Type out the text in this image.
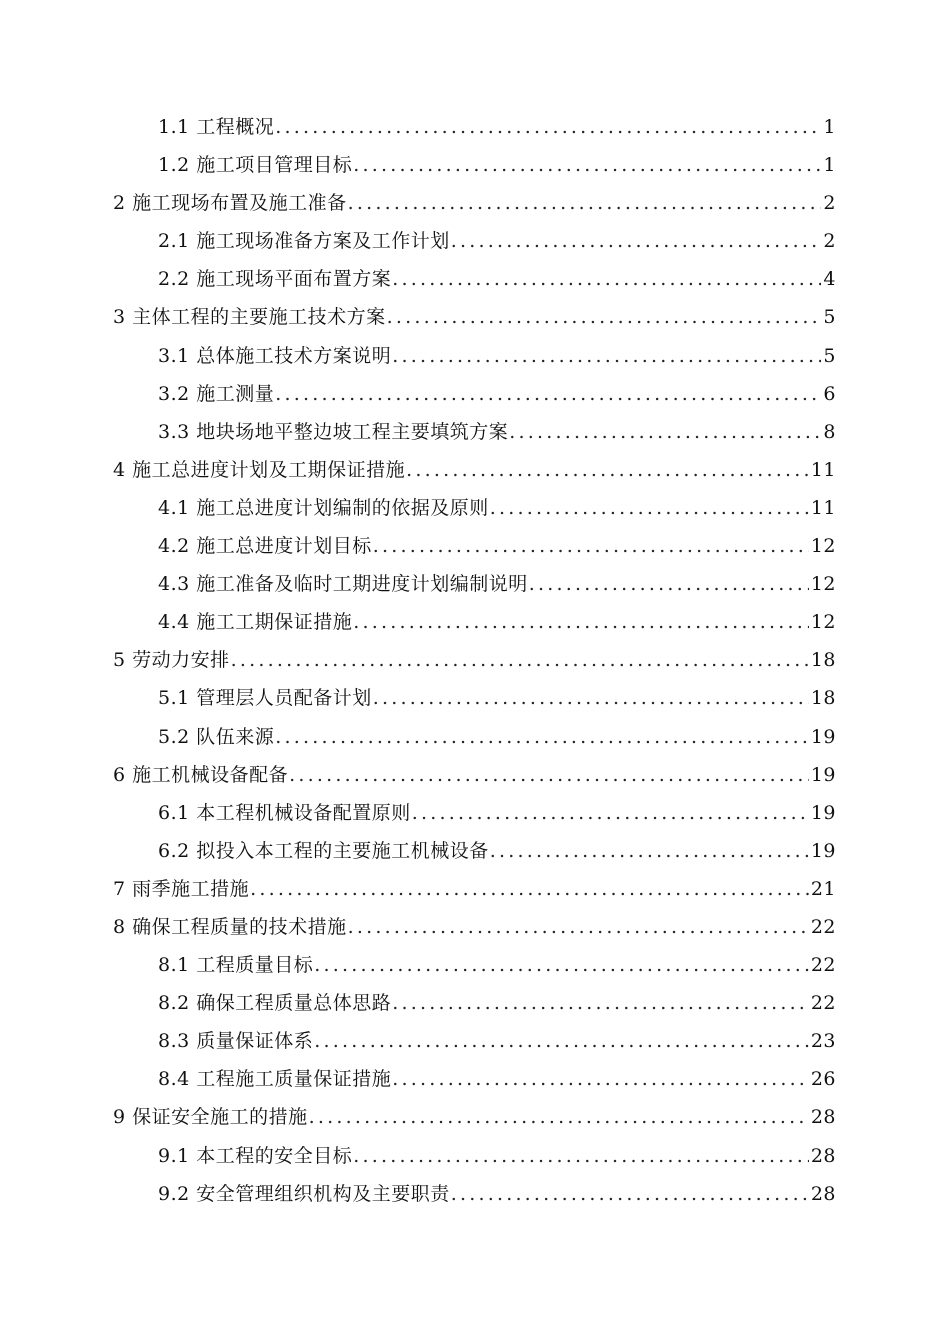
1.1 工程概况 .....	1
1.2 施工项目管理目标 .....	1
2 施工现场布置及施工准备 .....	2
2.1 施工现场准备方案及工作计划 .....	2
2.2 施工现场平面布置方案 .....	4
3 主体工程的主要施工技术方案 .....	5
3.1 总体施工技术方案说明 .....	5
3.2 施工测量 .....	6
3.3 地块场地平整边坡工程主要填筑方案 .....	8
4 施工总进度计划及工期保证措施 .....	11
4.1 施工总进度计划编制的依据及原则 .....	11
4.2 施工总进度计划目标 .....	12
4.3 施工准备及临时工期进度计划编制说明 .....	12
4.4 施工工期保证措施 .....	12
5 劳动力安排 .....	18
5.1 管理层人员配备计划 .....	18
5.2 队伍来源 .....	19
6 施工机械设备配备 .....	19
6.1 本工程机械设备配置原则 .....	19
6.2 拟投入本工程的主要施工机械设备 .....	19
7 雨季施工措施 .....	21
8 确保工程质量的技术措施 .....	22
8.1 工程质量目标 .....	22
8.2 确保工程质量总体思路 .....	22
8.3 质量保证体系 .....	23
8.4 工程施工质量保证措施 .....	26
9 保证安全施工的措施 .....	28
9.1 本工程的安全目标 .....	28
9.2 安全管理组织机构及主要职责 .....	28
